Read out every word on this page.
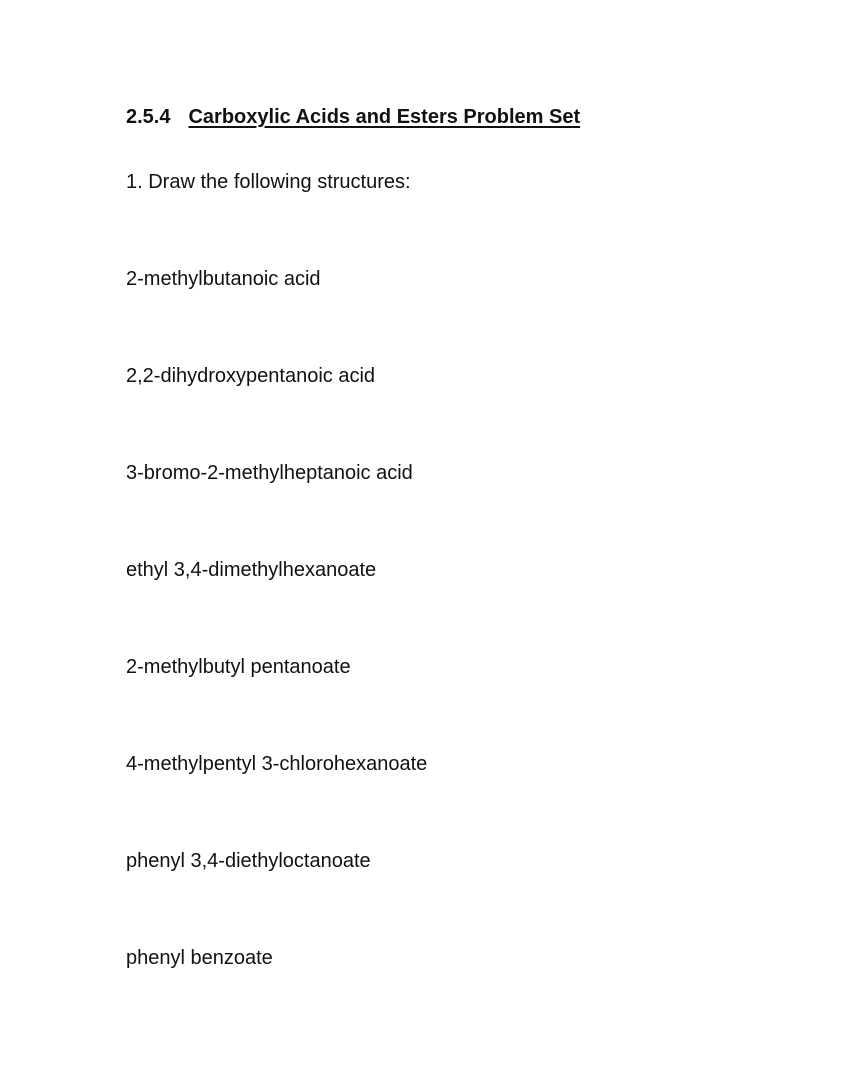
2.5.4 Carboxylic Acids and Esters Problem Set
1. Draw the following structures:
2-methylbutanoic acid
2,2-dihydroxypentanoic acid
3-bromo-2-methylheptanoic acid
ethyl 3,4-dimethylhexanoate
2-methylbutyl pentanoate
4-methylpentyl 3-chlorohexanoate
phenyl 3,4-diethyloctanoate
phenyl benzoate
